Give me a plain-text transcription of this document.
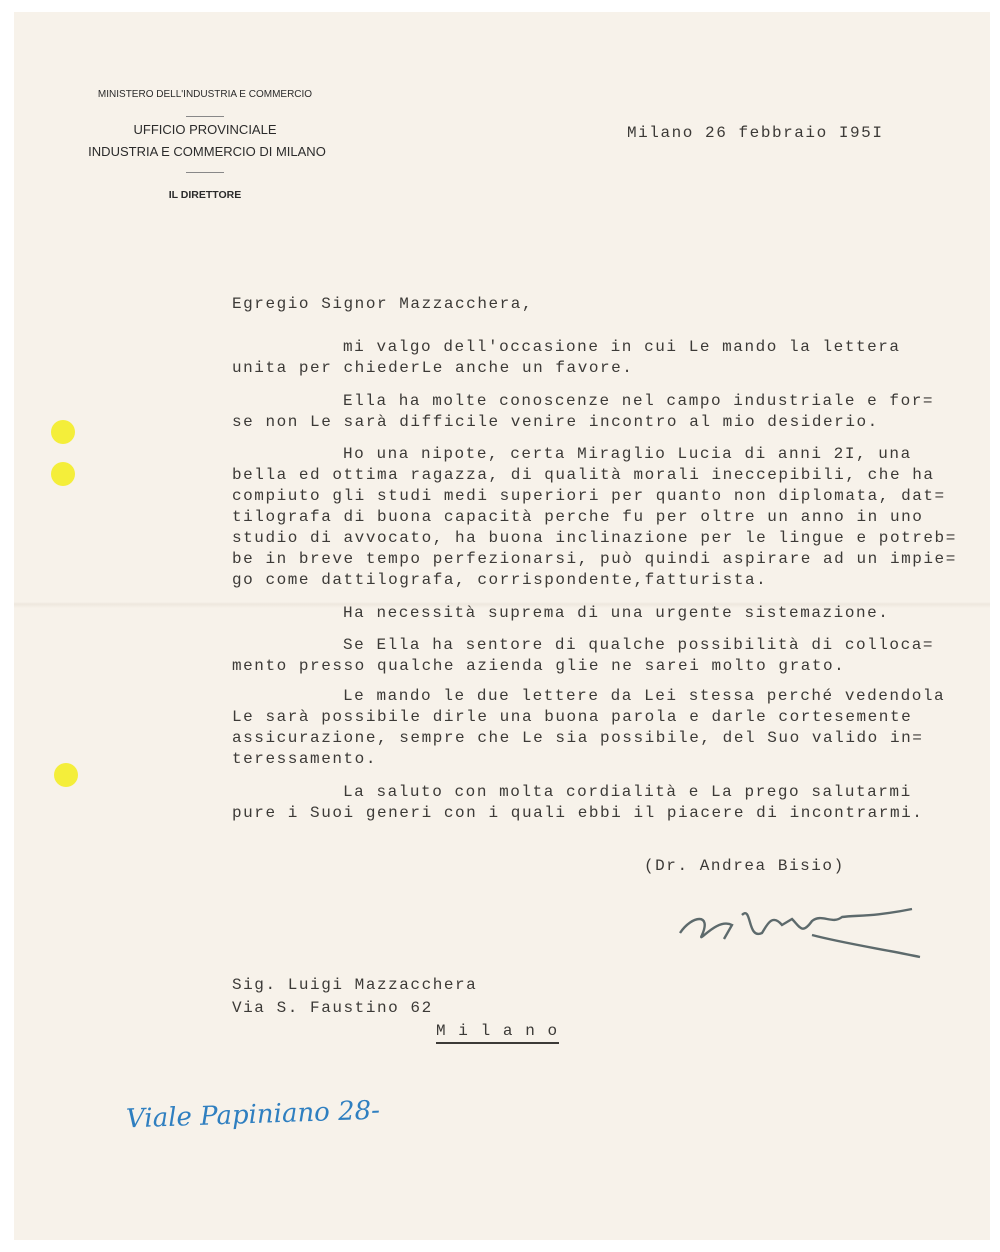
MINISTERO DELL'INDUSTRIA E COMMERCIO
UFFICIO PROVINCIALE
INDUSTRIA E COMMERCIO DI MILANO
IL DIRETTORE
Milano 26 febbraio I95I
Egregio Signor Mazzacchera,
mi valgo dell'occasione in cui Le mando la lettera
unita per chiederLe anche un favore.
Ella ha molte conoscenze nel campo industriale e for=
se non Le sarà difficile venire incontro al mio desiderio.
Ho una nipote, certa Miraglio Lucia di anni 2I, una
bella ed ottima ragazza, di qualità morali ineccepibili, che ha
compiuto gli studi medi superiori per quanto non diplomata, dat=
tilografa di buona capacità perche fu per oltre un anno in uno
studio di avvocato, ha buona inclinazione per le lingue e potreb=
be in breve tempo perfezionarsi, può quindi aspirare ad un impie=
go come dattilografa, corrispondente,fatturista.
Ha necessità suprema di una urgente sistemazione.
Se Ella ha sentore di qualche possibilità di colloca=
mento presso qualche azienda glie ne sarei molto grato.
Le mando le due lettere da Lei stessa perché vedendola
Le sarà possibile dirle una buona parola e darle cortesemente
assicurazione, sempre che Le sia possibile, del Suo valido in=
teressamento.
La saluto con molta cordialità e La prego salutarmi
pure i Suoi generi con i quali ebbi il piacere di incontrarmi.
(Dr. Andrea Bisio)
Sig. Luigi Mazzacchera
Via S. Faustino 62
M i l a n o
Viale Papiniano 28-
